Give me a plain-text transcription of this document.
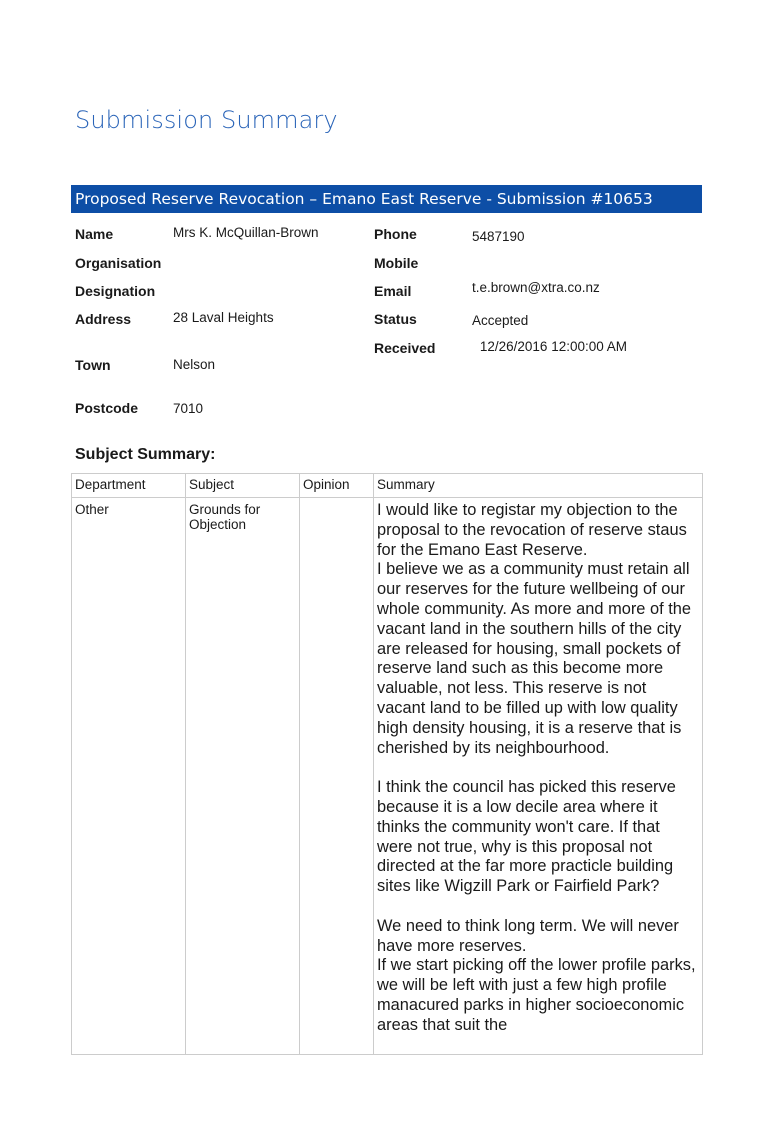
Submission Summary
Proposed Reserve Revocation – Emano East Reserve - Submission #10653
Name	Mrs K. McQuillan-Brown
Organisation
Designation
Address	28 Laval Heights
Town	Nelson
Postcode	7010
Phone	5487190
Mobile
Email	t.e.brown@xtra.co.nz
Status	Accepted
Received	12/26/2016 12:00:00 AM
Subject Summary:
Department	Subject	Opinion	Summary
Other	Grounds for Objection		I would like to registar my objection to the proposal to the revocation of reserve staus for the Emano East Reserve.

I believe we as a community must retain all our reserves for the future wellbeing of our whole community. As more and more of the vacant land in the southern hills of the city are released for housing, small pockets of reserve land such as this become more valuable, not less. This reserve is not vacant land to be filled up with low quality high density housing, it is a reserve that is cherished by its neighbourhood.

I think the council has picked this reserve because it is a low decile area where it thinks the community won't care. If that were not true, why is this proposal not directed at the far more practicle building sites like Wigzill Park or Fairfield Park?

We need to think long term. We will never have more reserves.

If we start picking off the lower profile parks, we will be left with just a few high profile manacured parks in higher socioeconomic areas that suit the
